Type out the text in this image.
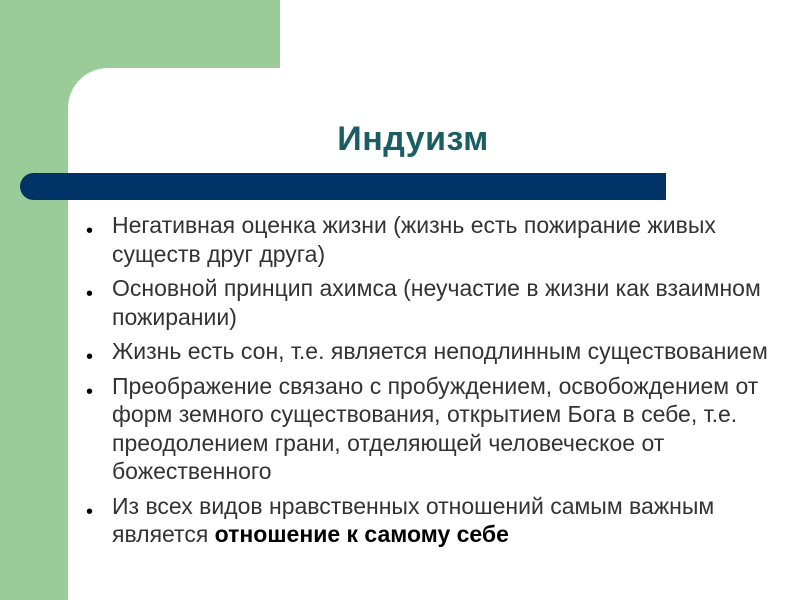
Индуизм
• Негативная оценка жизни (жизнь есть пожирание живых существ друг друга)
• Основной принцип ахимса (неучастие в жизни как взаимном пожирании)
• Жизнь есть сон, т.е. является неподлинным существованием
• Преображение связано с пробуждением, освобождением от форм земного существования, открытием Бога в себе, т.е. преодолением грани, отделяющей человеческое от божественного
• Из всех видов нравственных отношений самым важным является отношение к самому себе
